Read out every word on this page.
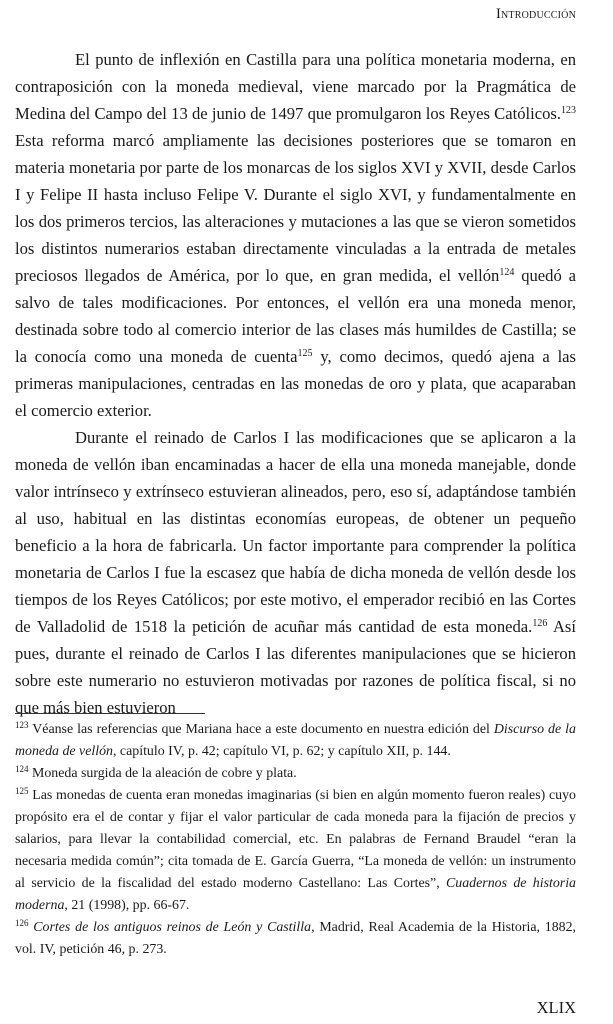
Introducción

El punto de inflexión en Castilla para una política monetaria moderna, en contraposición con la moneda medieval, viene marcado por la Pragmática de Medina del Campo del 13 de junio de 1497 que promulgaron los Reyes Católicos.$^{123}$ Esta reforma marcó ampliamente las decisiones posteriores que se tomaron en materia monetaria por parte de los monarcas de los siglos XVI y XVII, desde Carlos I y Felipe II hasta incluso Felipe V. Durante el siglo XVI, y fundamentalmente en los dos primeros tercios, las alteraciones y mutaciones a las que se vieron sometidos los distintos numerarios estaban directamente vinculadas a la entrada de metales preciosos llegados de América, por lo que, en gran medida, el vellón$^{124}$ quedó a salvo de tales modificaciones. Por entonces, el vellón era una moneda menor, destinada sobre todo al comercio interior de las clases más humildes de Castilla; se la conocía como una moneda de cuenta$^{125}$ y, como decimos, quedó ajena a las primeras manipulaciones, centradas en las monedas de oro y plata, que acaparaban el comercio exterior.

Durante el reinado de Carlos I las modificaciones que se aplicaron a la moneda de vellón iban encaminadas a hacer de ella una moneda manejable, donde valor intrínseco y extrínseco estuvieran alineados, pero, eso sí, adaptándose también al uso, habitual en las distintas economías europeas, de obtener un pequeño beneficio a la hora de fabricarla. Un factor importante para comprender la política monetaria de Carlos I fue la escasez que había de dicha moneda de vellón desde los tiempos de los Reyes Católicos; por este motivo, el emperador recibió en las Cortes de Valladolid de 1518 la petición de acuñar más cantidad de esta moneda.$^{126}$ Así pues, durante el reinado de Carlos I las diferentes manipulaciones que se hicieron sobre este numerario no estuvieron motivadas por razones de política fiscal, si no que más bien estuvieron

$^{123}$ Véanse las referencias que Mariana hace a este documento en nuestra edición del Discurso de la moneda de vellón, capítulo IV, p. 42; capítulo VI, p. 62; y capítulo XII, p. 144.

$^{124}$ Moneda surgida de la aleación de cobre y plata.

$^{125}$ Las monedas de cuenta eran monedas imaginarias (si bien en algún momento fueron reales) cuyo propósito era el de contar y fijar el valor particular de cada moneda para la fijación de precios y salarios, para llevar la contabilidad comercial, etc. En palabras de Fernand Braudel “eran la necesaria medida común”; cita tomada de E. García Guerra, “La moneda de vellón: un instrumento al servicio de la fiscalidad del estado moderno Castellano: Las Cortes”, Cuadernos de historia moderna, 21 (1998), pp. 66-67.

$^{126}$ Cortes de los antiguos reinos de León y Castilla, Madrid, Real Academia de la Historia, 1882, vol. IV, petición 46, p. 273.

XLIX
